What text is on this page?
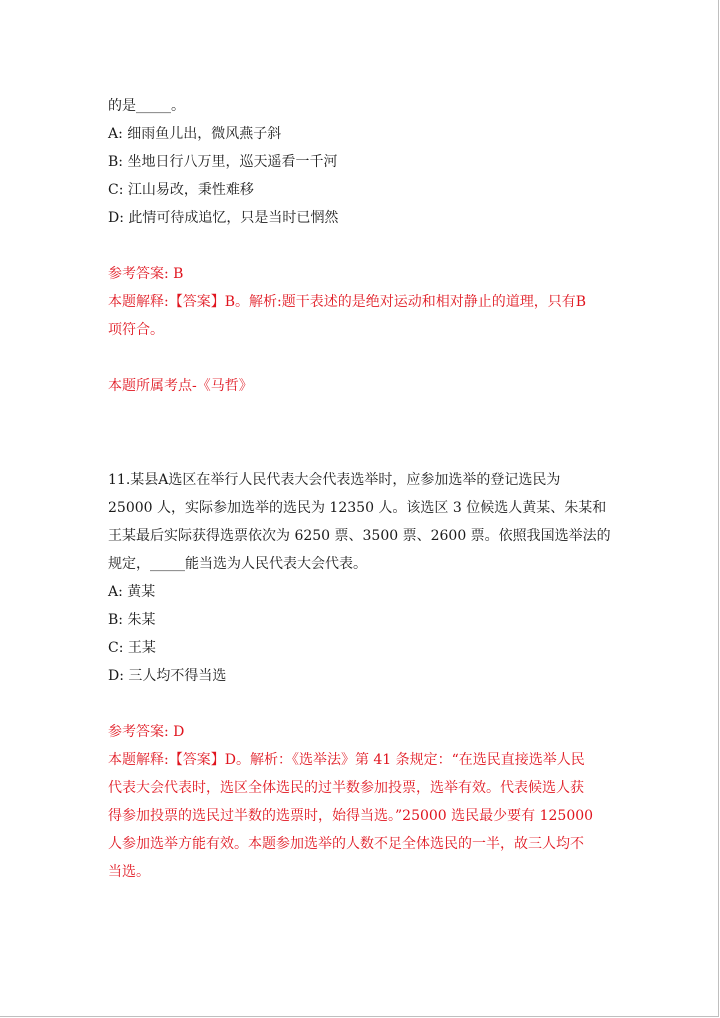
的是_____。
A: 细雨鱼儿出，微风燕子斜
B: 坐地日行八万里，巡天遥看一千河
C: 江山易改，秉性难移
D: 此情可待成追忆，只是当时已惘然
参考答案: B
本题解释:【答案】B。解析:题干表述的是绝对运动和相对静止的道理，只有B
项符合。
本题所属考点-《马哲》
11.某县A选区在举行人民代表大会代表选举时，应参加选举的登记选民为
25000 人，实际参加选举的选民为 12350 人。该选区 3 位候选人黄某、朱某和
王某最后实际获得选票依次为 6250 票、3500 票、2600 票。依照我国选举法的
规定，_____能当选为人民代表大会代表。
A: 黄某
B: 朱某
C: 王某
D: 三人均不得当选
参考答案: D
本题解释:【答案】D。解析：《选举法》第 41 条规定：“在选民直接选举人民
代表大会代表时，选区全体选民的过半数参加投票，选举有效。代表候选人获
得参加投票的选民过半数的选票时，始得当选。”25000 选民最少要有 125000
人参加选举方能有效。本题参加选举的人数不足全体选民的一半，故三人均不
当选。
